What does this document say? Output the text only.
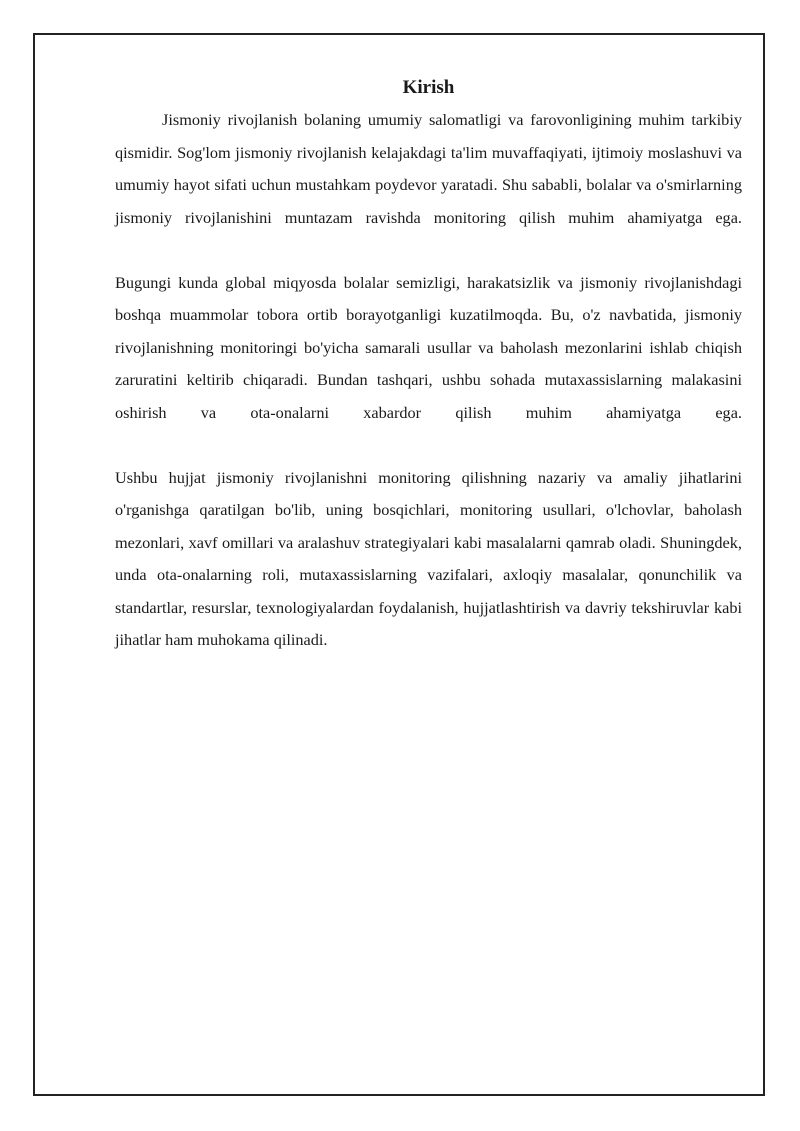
Kirish

Jismoniy rivojlanish bolaning umumiy salomatligi va farovonligining muhim tarkibiy qismidir. Sog'lom jismoniy rivojlanish kelajakdagi ta'lim muvaffaqiyati, ijtimoiy moslashuvi va umumiy hayot sifati uchun mustahkam poydevor yaratadi. Shu sababli, bolalar va o'smirlarning jismoniy rivojlanishini muntazam ravishda monitoring qilish muhim ahamiyatga ega.

Bugungi kunda global miqyosda bolalar semizligi, harakatsizlik va jismoniy rivojlanishdagi boshqa muammolar tobora ortib borayotganligi kuzatilmoqda. Bu, o'z navbatida, jismoniy rivojlanishning monitoringi bo'yicha samarali usullar va baholash mezonlarini ishlab chiqish zaruratini keltirib chiqaradi. Bundan tashqari, ushbu sohada mutaxassislarning malakasini oshirish va ota-onalarni xabardor qilish muhim ahamiyatga ega.

Ushbu hujjat jismoniy rivojlanishni monitoring qilishning nazariy va amaliy jihatlarini o'rganishga qaratilgan bo'lib, uning bosqichlari, monitoring usullari, o'lchovlar, baholash mezonlari, xavf omillari va aralashuv strategiyalari kabi masalalarni qamrab oladi. Shuningdek, unda ota-onalarning roli, mutaxassislarning vazifalari, axloqiy masalalar, qonunchilik va standartlar, resurslar, texnologiyalardan foydalanish, hujjatlashtirish va davriy tekshiruvlar kabi jihatlar ham muhokama qilinadi.
